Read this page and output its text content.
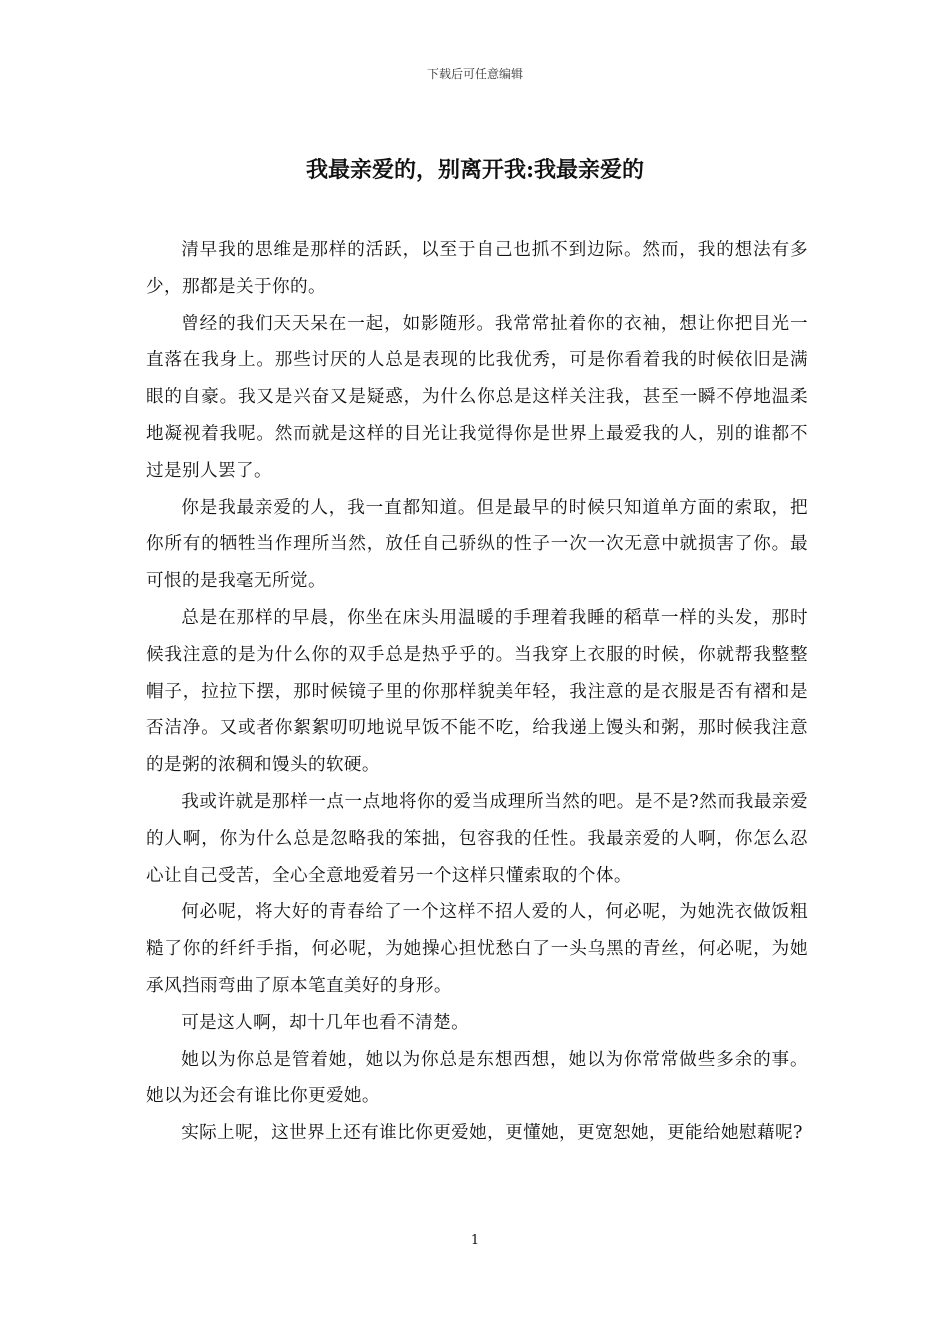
下载后可任意编辑
我最亲爱的，别离开我:我最亲爱的

清早我的思维是那样的活跃，以至于自己也抓不到边际。然而，我的想法有多少，那都是关于你的。

曾经的我们天天呆在一起，如影随形。我常常扯着你的衣袖，想让你把目光一直落在我身上。那些讨厌的人总是表现的比我优秀，可是你看着我的时候依旧是满眼的自豪。我又是兴奋又是疑惑，为什么你总是这样关注我，甚至一瞬不停地温柔地凝视着我呢。然而就是这样的目光让我觉得你是世界上最爱我的人，别的谁都不过是别人罢了。

你是我最亲爱的人，我一直都知道。但是最早的时候只知道单方面的索取，把你所有的牺牲当作理所当然，放任自己骄纵的性子一次一次无意中就损害了你。最可恨的是我毫无所觉。

总是在那样的早晨，你坐在床头用温暖的手理着我睡的稻草一样的头发，那时候我注意的是为什么你的双手总是热乎乎的。当我穿上衣服的时候，你就帮我整整帽子，拉拉下摆，那时候镜子里的你那样貌美年轻，我注意的是衣服是否有褶和是否洁净。又或者你絮絮叨叨地说早饭不能不吃，给我递上馒头和粥，那时候我注意的是粥的浓稠和馒头的软硬。

我或许就是那样一点一点地将你的爱当成理所当然的吧。是不是?然而我最亲爱的人啊，你为什么总是忽略我的笨拙，包容我的任性。我最亲爱的人啊，你怎么忍心让自己受苦，全心全意地爱着另一个这样只懂索取的个体。

何必呢，将大好的青春给了一个这样不招人爱的人，何必呢，为她洗衣做饭粗糙了你的纤纤手指，何必呢，为她操心担忧愁白了一头乌黑的青丝，何必呢，为她承风挡雨弯曲了原本笔直美好的身形。

可是这人啊，却十几年也看不清楚。

她以为你总是管着她，她以为你总是东想西想，她以为你常常做些多余的事。她以为还会有谁比你更爱她。

实际上呢，这世界上还有谁比你更爱她，更懂她，更宽恕她，更能给她慰藉呢?

1
